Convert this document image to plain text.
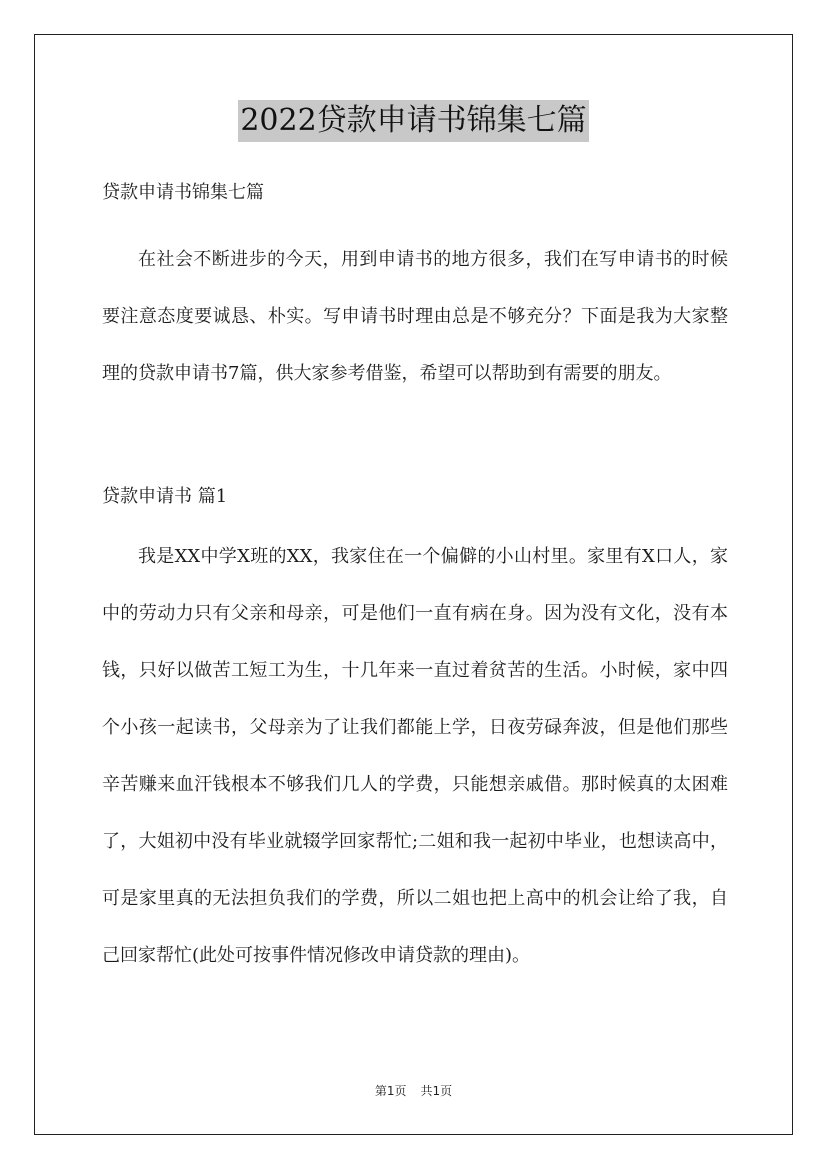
2022贷款申请书锦集七篇

贷款申请书锦集七篇

在社会不断进步的今天，用到申请书的地方很多，我们在写申请书的时候要注意态度要诚恳、朴实。写申请书时理由总是不够充分？下面是我为大家整理的贷款申请书7篇，供大家参考借鉴，希望可以帮助到有需要的朋友。

贷款申请书 篇1

我是XX中学X班的XX，我家住在一个偏僻的小山村里。家里有X口人，家中的劳动力只有父亲和母亲，可是他们一直有病在身。因为没有文化，没有本钱，只好以做苦工短工为生，十几年来一直过着贫苦的生活。小时候，家中四个小孩一起读书，父母亲为了让我们都能上学，日夜劳碌奔波，但是他们那些辛苦赚来血汗钱根本不够我们几人的学费，只能想亲戚借。那时候真的太困难了，大姐初中没有毕业就辍学回家帮忙;二姐和我一起初中毕业，也想读高中，可是家里真的无法担负我们的学费，所以二姐也把上高中的机会让给了我，自己回家帮忙(此处可按事件情况修改申请贷款的理由)。

第1页 共1页
